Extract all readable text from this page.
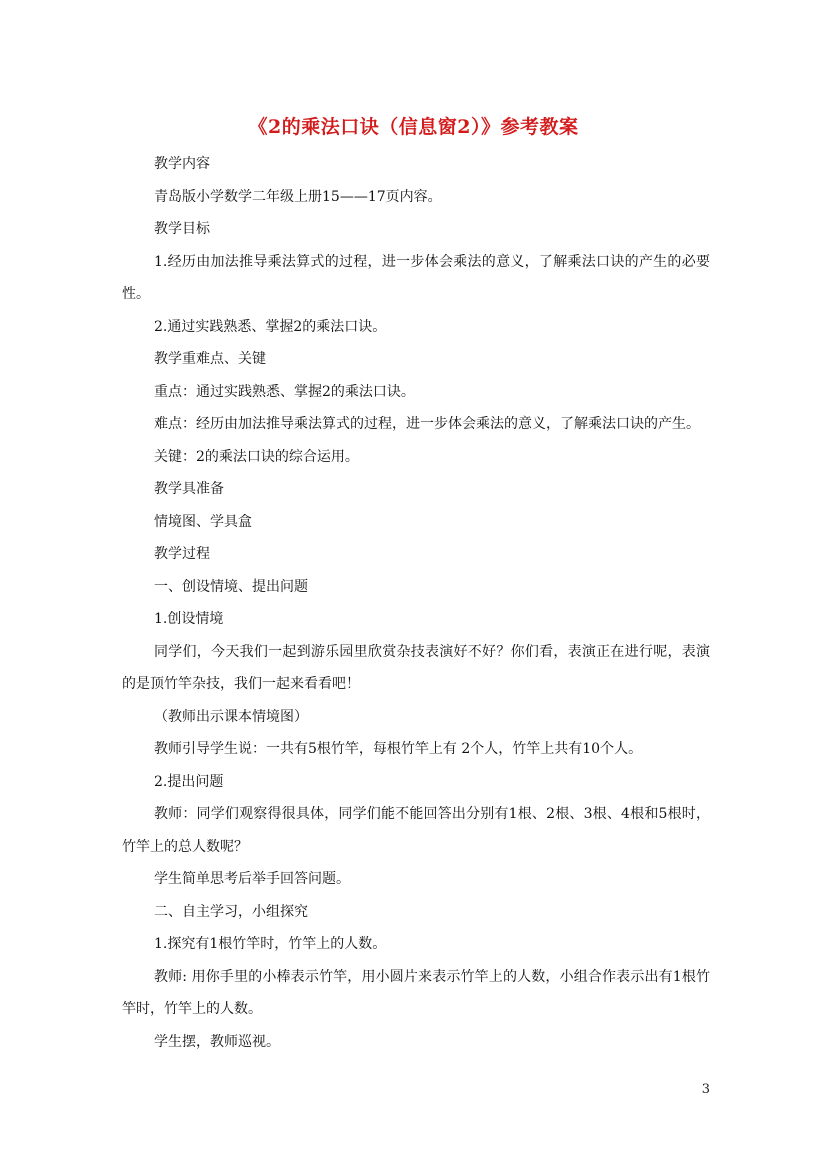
《2的乘法口诀（信息窗2）》参考教案

教学内容

青岛版小学数学二年级上册15——17页内容。

教学目标

1.经历由加法推导乘法算式的过程，进一步体会乘法的意义，了解乘法口诀的产生的必要性。

2.通过实践熟悉、掌握2的乘法口诀。

教学重难点、关键

重点：通过实践熟悉、掌握2的乘法口诀。

难点：经历由加法推导乘法算式的过程，进一步体会乘法的意义，了解乘法口诀的产生。

关键：2的乘法口诀的综合运用。

教学具准备

情境图、学具盒

教学过程

一、创设情境、提出问题

1.创设情境

同学们，今天我们一起到游乐园里欣赏杂技表演好不好？你们看，表演正在进行呢，表演的是顶竹竿杂技，我们一起来看看吧！

（教师出示课本情境图）

教师引导学生说：一共有5根竹竿，每根竹竿上有 2个人，竹竿上共有10个人。

2.提出问题

教师：同学们观察得很具体，同学们能不能回答出分别有1根、2根、3根、4根和5根时，竹竿上的总人数呢？

学生简单思考后举手回答问题。

二、自主学习，小组探究

1.探究有1根竹竿时，竹竿上的人数。

教师: 用你手里的小棒表示竹竿，用小圆片来表示竹竿上的人数，小组合作表示出有1根竹竿时，竹竿上的人数。

学生摆，教师巡视。

3
